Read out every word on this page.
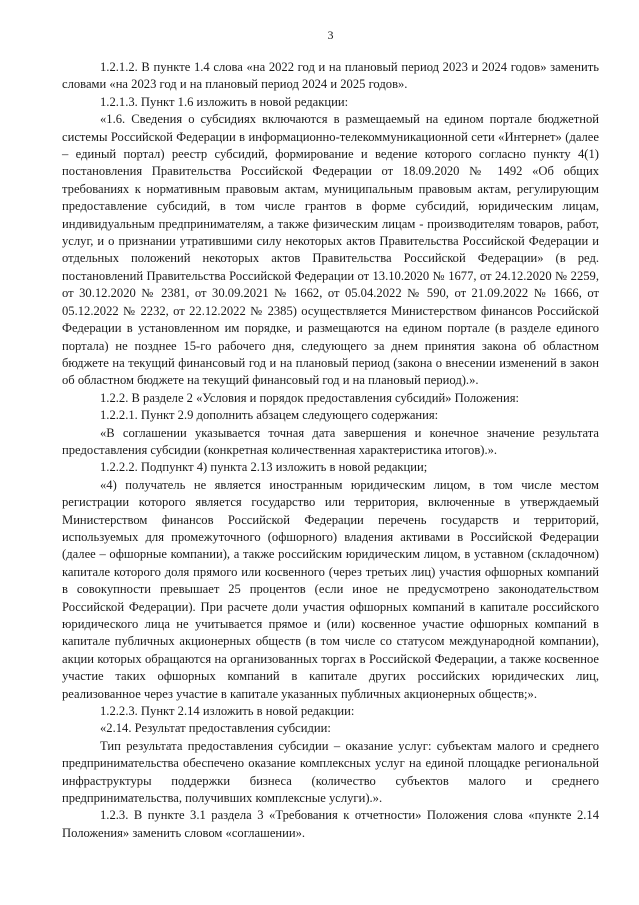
3

1.2.1.2. В пункте 1.4 слова «на 2022 год и на плановый период 2023 и 2024 годов» заменить словами «на 2023 год и на плановый период 2024 и 2025 годов».

1.2.1.3. Пункт 1.6 изложить в новой редакции:

«1.6. Сведения о субсидиях включаются в размещаемый на едином портале бюджетной системы Российской Федерации в информационно-телекоммуникационной сети «Интернет» (далее – единый портал) реестр субсидий, формирование и ведение которого согласно пункту 4(1) постановления Правительства Российской Федерации от 18.09.2020 № 1492 «Об общих требованиях к нормативным правовым актам, муниципальным правовым актам, регулирующим предоставление субсидий, в том числе грантов в форме субсидий, юридическим лицам, индивидуальным предпринимателям, а также физическим лицам - производителям товаров, работ, услуг, и о признании утратившими силу некоторых актов Правительства Российской Федерации и отдельных положений некоторых актов Правительства Российской Федерации» (в ред. постановлений Правительства Российской Федерации от 13.10.2020 № 1677, от 24.12.2020 № 2259, от 30.12.2020 № 2381, от 30.09.2021 № 1662, от 05.04.2022 № 590, от 21.09.2022 № 1666, от 05.12.2022 № 2232, от 22.12.2022 № 2385) осуществляется Министерством финансов Российской Федерации в установленном им порядке, и размещаются на едином портале (в разделе единого портала) не позднее 15-го рабочего дня, следующего за днем принятия закона об областном бюджете на текущий финансовый год и на плановый период (закона о внесении изменений в закон об областном бюджете на текущий финансовый год и на плановый период).».

1.2.2. В разделе 2 «Условия и порядок предоставления субсидий» Положения:

1.2.2.1. Пункт 2.9 дополнить абзацем следующего содержания:

«В соглашении указывается точная дата завершения и конечное значение результата предоставления субсидии (конкретная количественная характеристика итогов).».

1.2.2.2. Подпункт 4) пункта 2.13 изложить в новой редакции;

«4) получатель не является иностранным юридическим лицом, в том числе местом регистрации которого является государство или территория, включенные в утверждаемый Министерством финансов Российской Федерации перечень государств и территорий, используемых для промежуточного (офшорного) владения активами в Российской Федерации (далее – офшорные компании), а также российским юридическим лицом, в уставном (складочном) капитале которого доля прямого или косвенного (через третьих лиц) участия офшорных компаний в совокупности превышает 25 процентов (если иное не предусмотрено законодательством Российской Федерации). При расчете доли участия офшорных компаний в капитале российского юридического лица не учитывается прямое и (или) косвенное участие офшорных компаний в капитале публичных акционерных обществ (в том числе со статусом международной компании), акции которых обращаются на организованных торгах в Российской Федерации, а также косвенное участие таких офшорных компаний в капитале других российских юридических лиц, реализованное через участие в капитале указанных публичных акционерных обществ;».

1.2.2.3. Пункт 2.14 изложить в новой редакции:

«2.14. Результат предоставления субсидии:

Тип результата предоставления субсидии – оказание услуг: субъектам малого и среднего предпринимательства обеспечено оказание комплексных услуг на единой площадке региональной инфраструктуры поддержки бизнеса (количество субъектов малого и среднего предпринимательства, получивших комплексные услуги).».

1.2.3. В пункте 3.1 раздела 3 «Требования к отчетности» Положения слова «пункте 2.14 Положения» заменить словом «соглашении».
